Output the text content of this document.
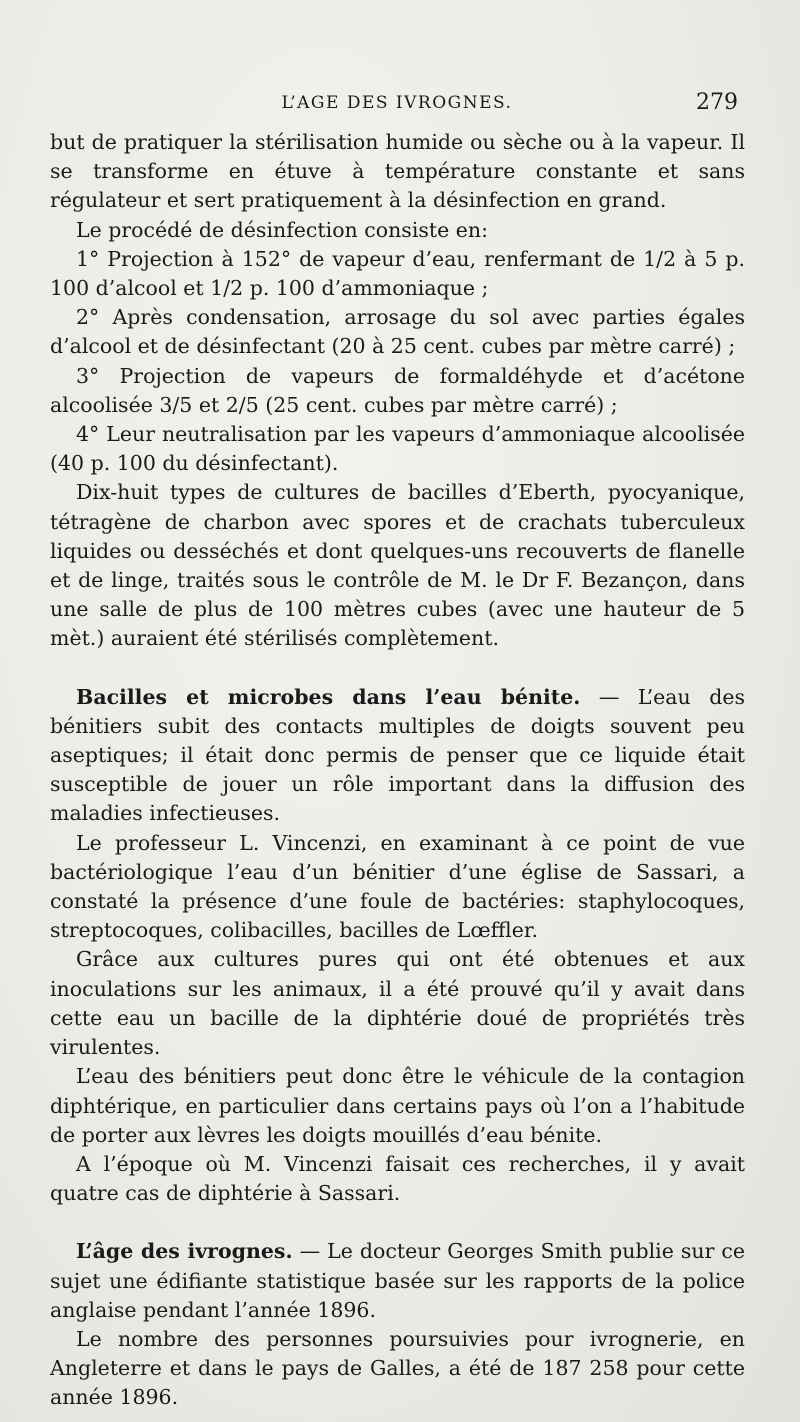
L’AGE DES IVROGNES.	279

but de pratiquer la stérilisation humide ou sèche ou à la vapeur. Il se transforme en étuve à température constante et sans régulateur et sert pratiquement à la désinfection en grand.

Le procédé de désinfection consiste en:

1° Projection à 152° de vapeur d’eau, renfermant de 1/2 à 5 p. 100 d’alcool et 1/2 p. 100 d’ammoniaque ;

2° Après condensation, arrosage du sol avec parties égales d’alcool et de désinfectant (20 à 25 cent. cubes par mètre carré) ;

3° Projection de vapeurs de formaldéhyde et d’acétone alcoolisée 3/5 et 2/5 (25 cent. cubes par mètre carré) ;

4° Leur neutralisation par les vapeurs d’ammoniaque alcoolisée (40 p. 100 du désinfectant).

Dix-huit types de cultures de bacilles d’Eberth, pyocyanique, tétragène de charbon avec spores et de crachats tuberculeux liquides ou desséchés et dont quelques-uns recouverts de flanelle et de linge, traités sous le contrôle de M. le Dr F. Bezançon, dans une salle de plus de 100 mètres cubes (avec une hauteur de 5 mèt.) auraient été stérilisés complètement.

Bacilles et microbes dans l’eau bénite. — L’eau des bénitiers subit des contacts multiples de doigts souvent peu aseptiques; il était donc permis de penser que ce liquide était susceptible de jouer un rôle important dans la diffusion des maladies infectieuses.

Le professeur L. Vincenzi, en examinant à ce point de vue bactériologique l’eau d’un bénitier d’une église de Sassari, a constaté la présence d’une foule de bactéries: staphylocoques, streptocoques, colibacilles, bacilles de Lœffler.

Grâce aux cultures pures qui ont été obtenues et aux inoculations sur les animaux, il a été prouvé qu’il y avait dans cette eau un bacille de la diphtérie doué de propriétés très virulentes.

L’eau des bénitiers peut donc être le véhicule de la contagion diphtérique, en particulier dans certains pays où l’on a l’habitude de porter aux lèvres les doigts mouillés d’eau bénite.

A l’époque où M. Vincenzi faisait ces recherches, il y avait quatre cas de diphtérie à Sassari.

L’âge des ivrognes. — Le docteur Georges Smith publie sur ce sujet une édifiante statistique basée sur les rapports de la police anglaise pendant l’année 1896.

Le nombre des personnes poursuivies pour ivrognerie, en Angleterre et dans le pays de Galles, a été de 187 258 pour cette année 1896.
